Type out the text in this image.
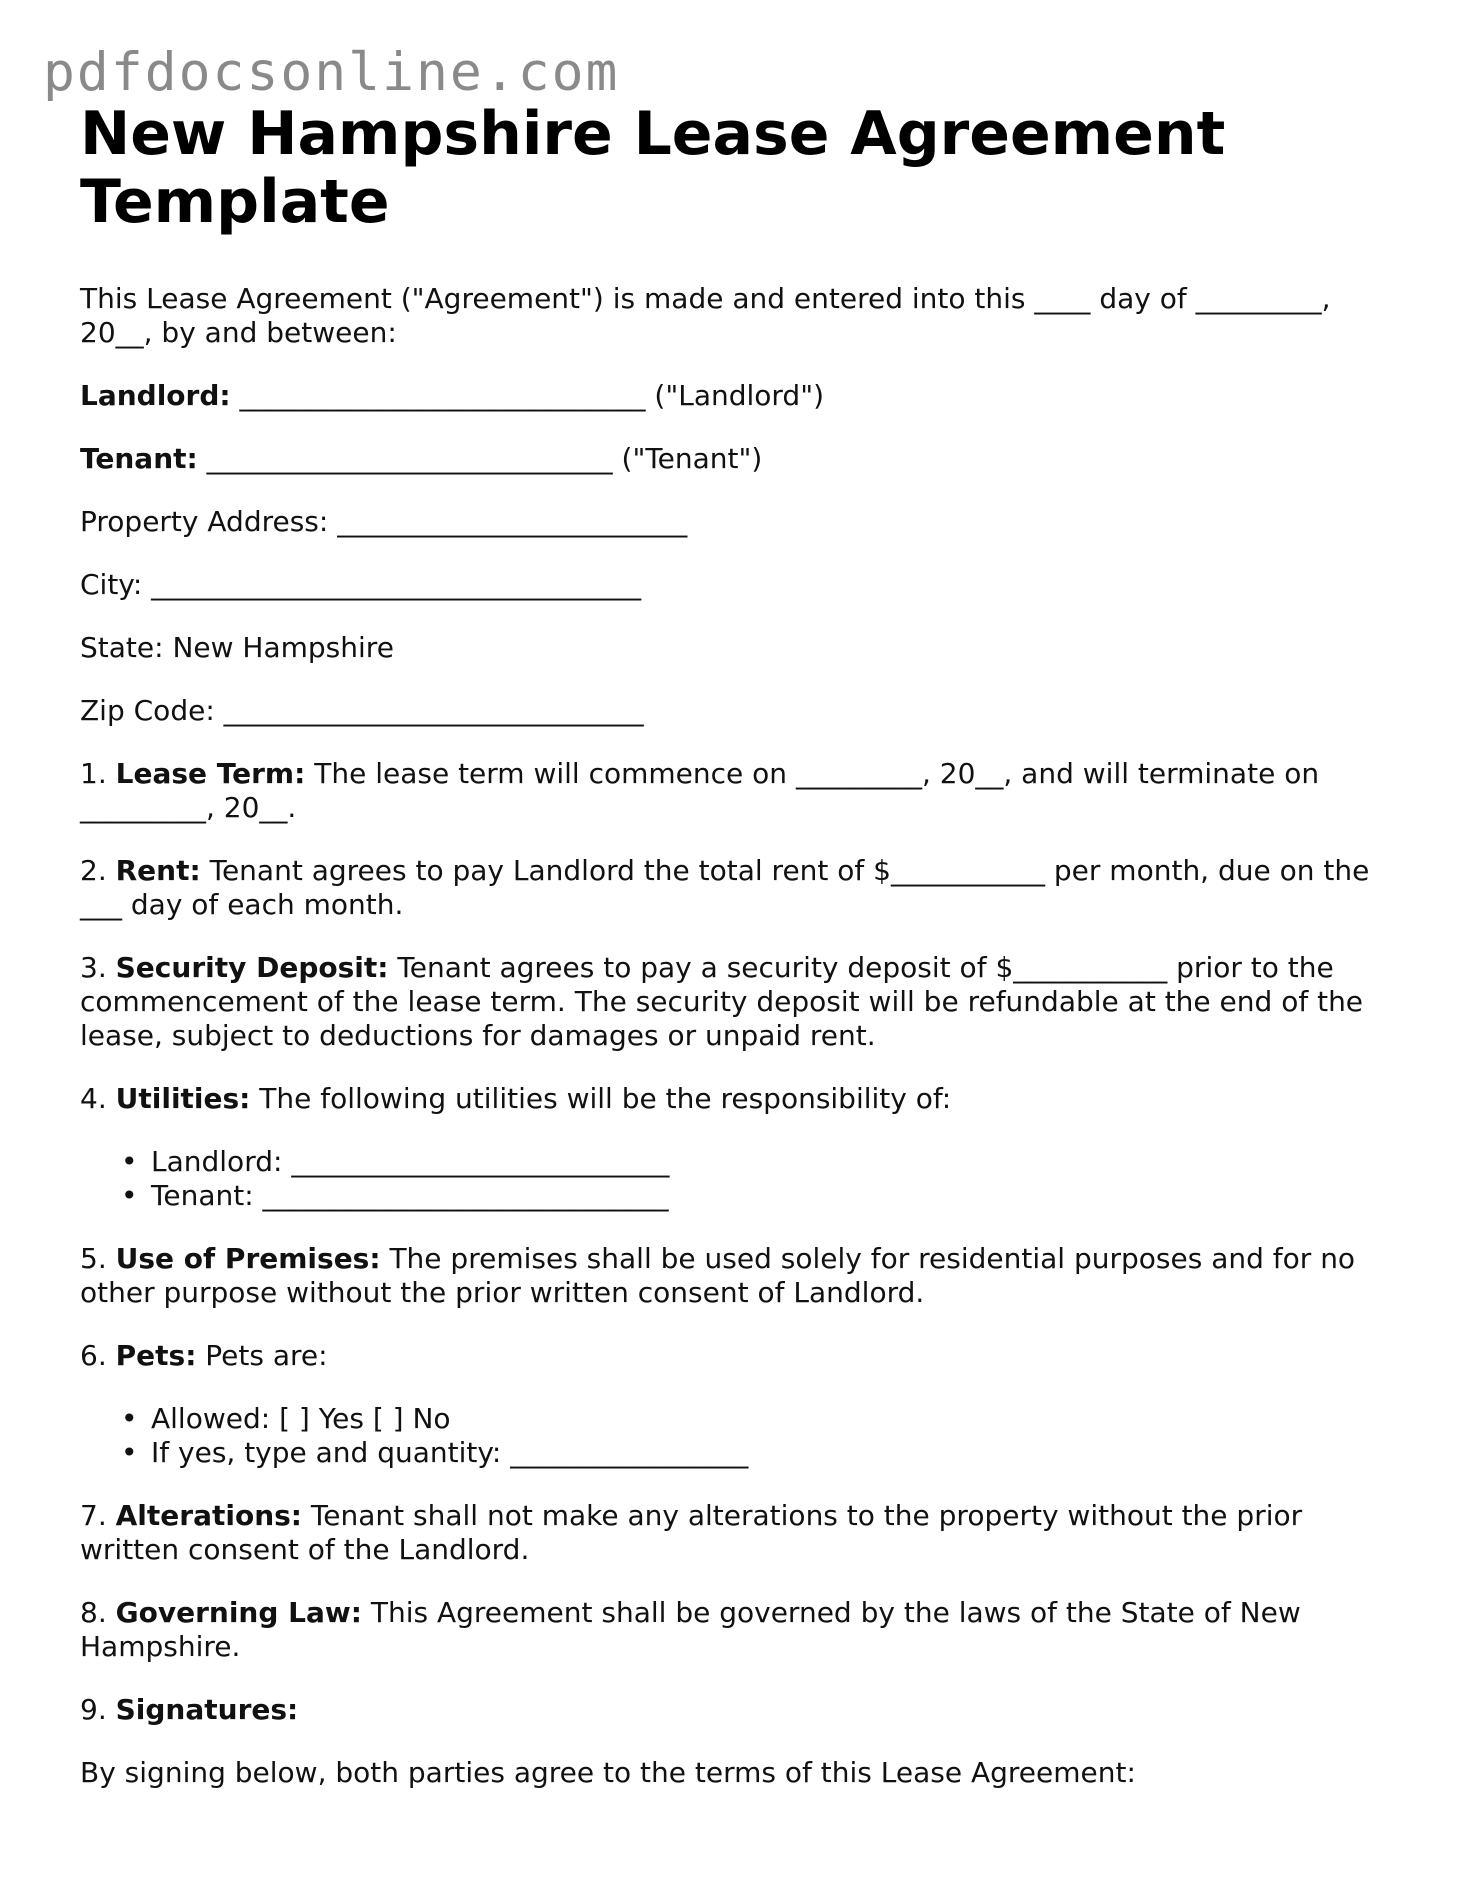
pdfdocsonline.com
New Hampshire Lease Agreement Template

This Lease Agreement ("Agreement") is made and entered into this ____ day of _________, 20__, by and between:

Landlord: _____________________________ ("Landlord")

Tenant: _____________________________ ("Tenant")

Property Address: _________________________

City: ___________________________________

State: New Hampshire

Zip Code: ______________________________

1. Lease Term: The lease term will commence on _________, 20__, and will terminate on _________, 20__.

2. Rent: Tenant agrees to pay Landlord the total rent of $___________ per month, due on the ___ day of each month.

3. Security Deposit: Tenant agrees to pay a security deposit of $___________ prior to the commencement of the lease term. The security deposit will be refundable at the end of the lease, subject to deductions for damages or unpaid rent.

4. Utilities: The following utilities will be the responsibility of:

• Landlord: ___________________________
• Tenant: _____________________________

5. Use of Premises: The premises shall be used solely for residential purposes and for no other purpose without the prior written consent of Landlord.

6. Pets: Pets are:

• Allowed: [ ] Yes [ ] No
• If yes, type and quantity: _________________

7. Alterations: Tenant shall not make any alterations to the property without the prior written consent of the Landlord.

8. Governing Law: This Agreement shall be governed by the laws of the State of New Hampshire.

9. Signatures:

By signing below, both parties agree to the terms of this Lease Agreement:
